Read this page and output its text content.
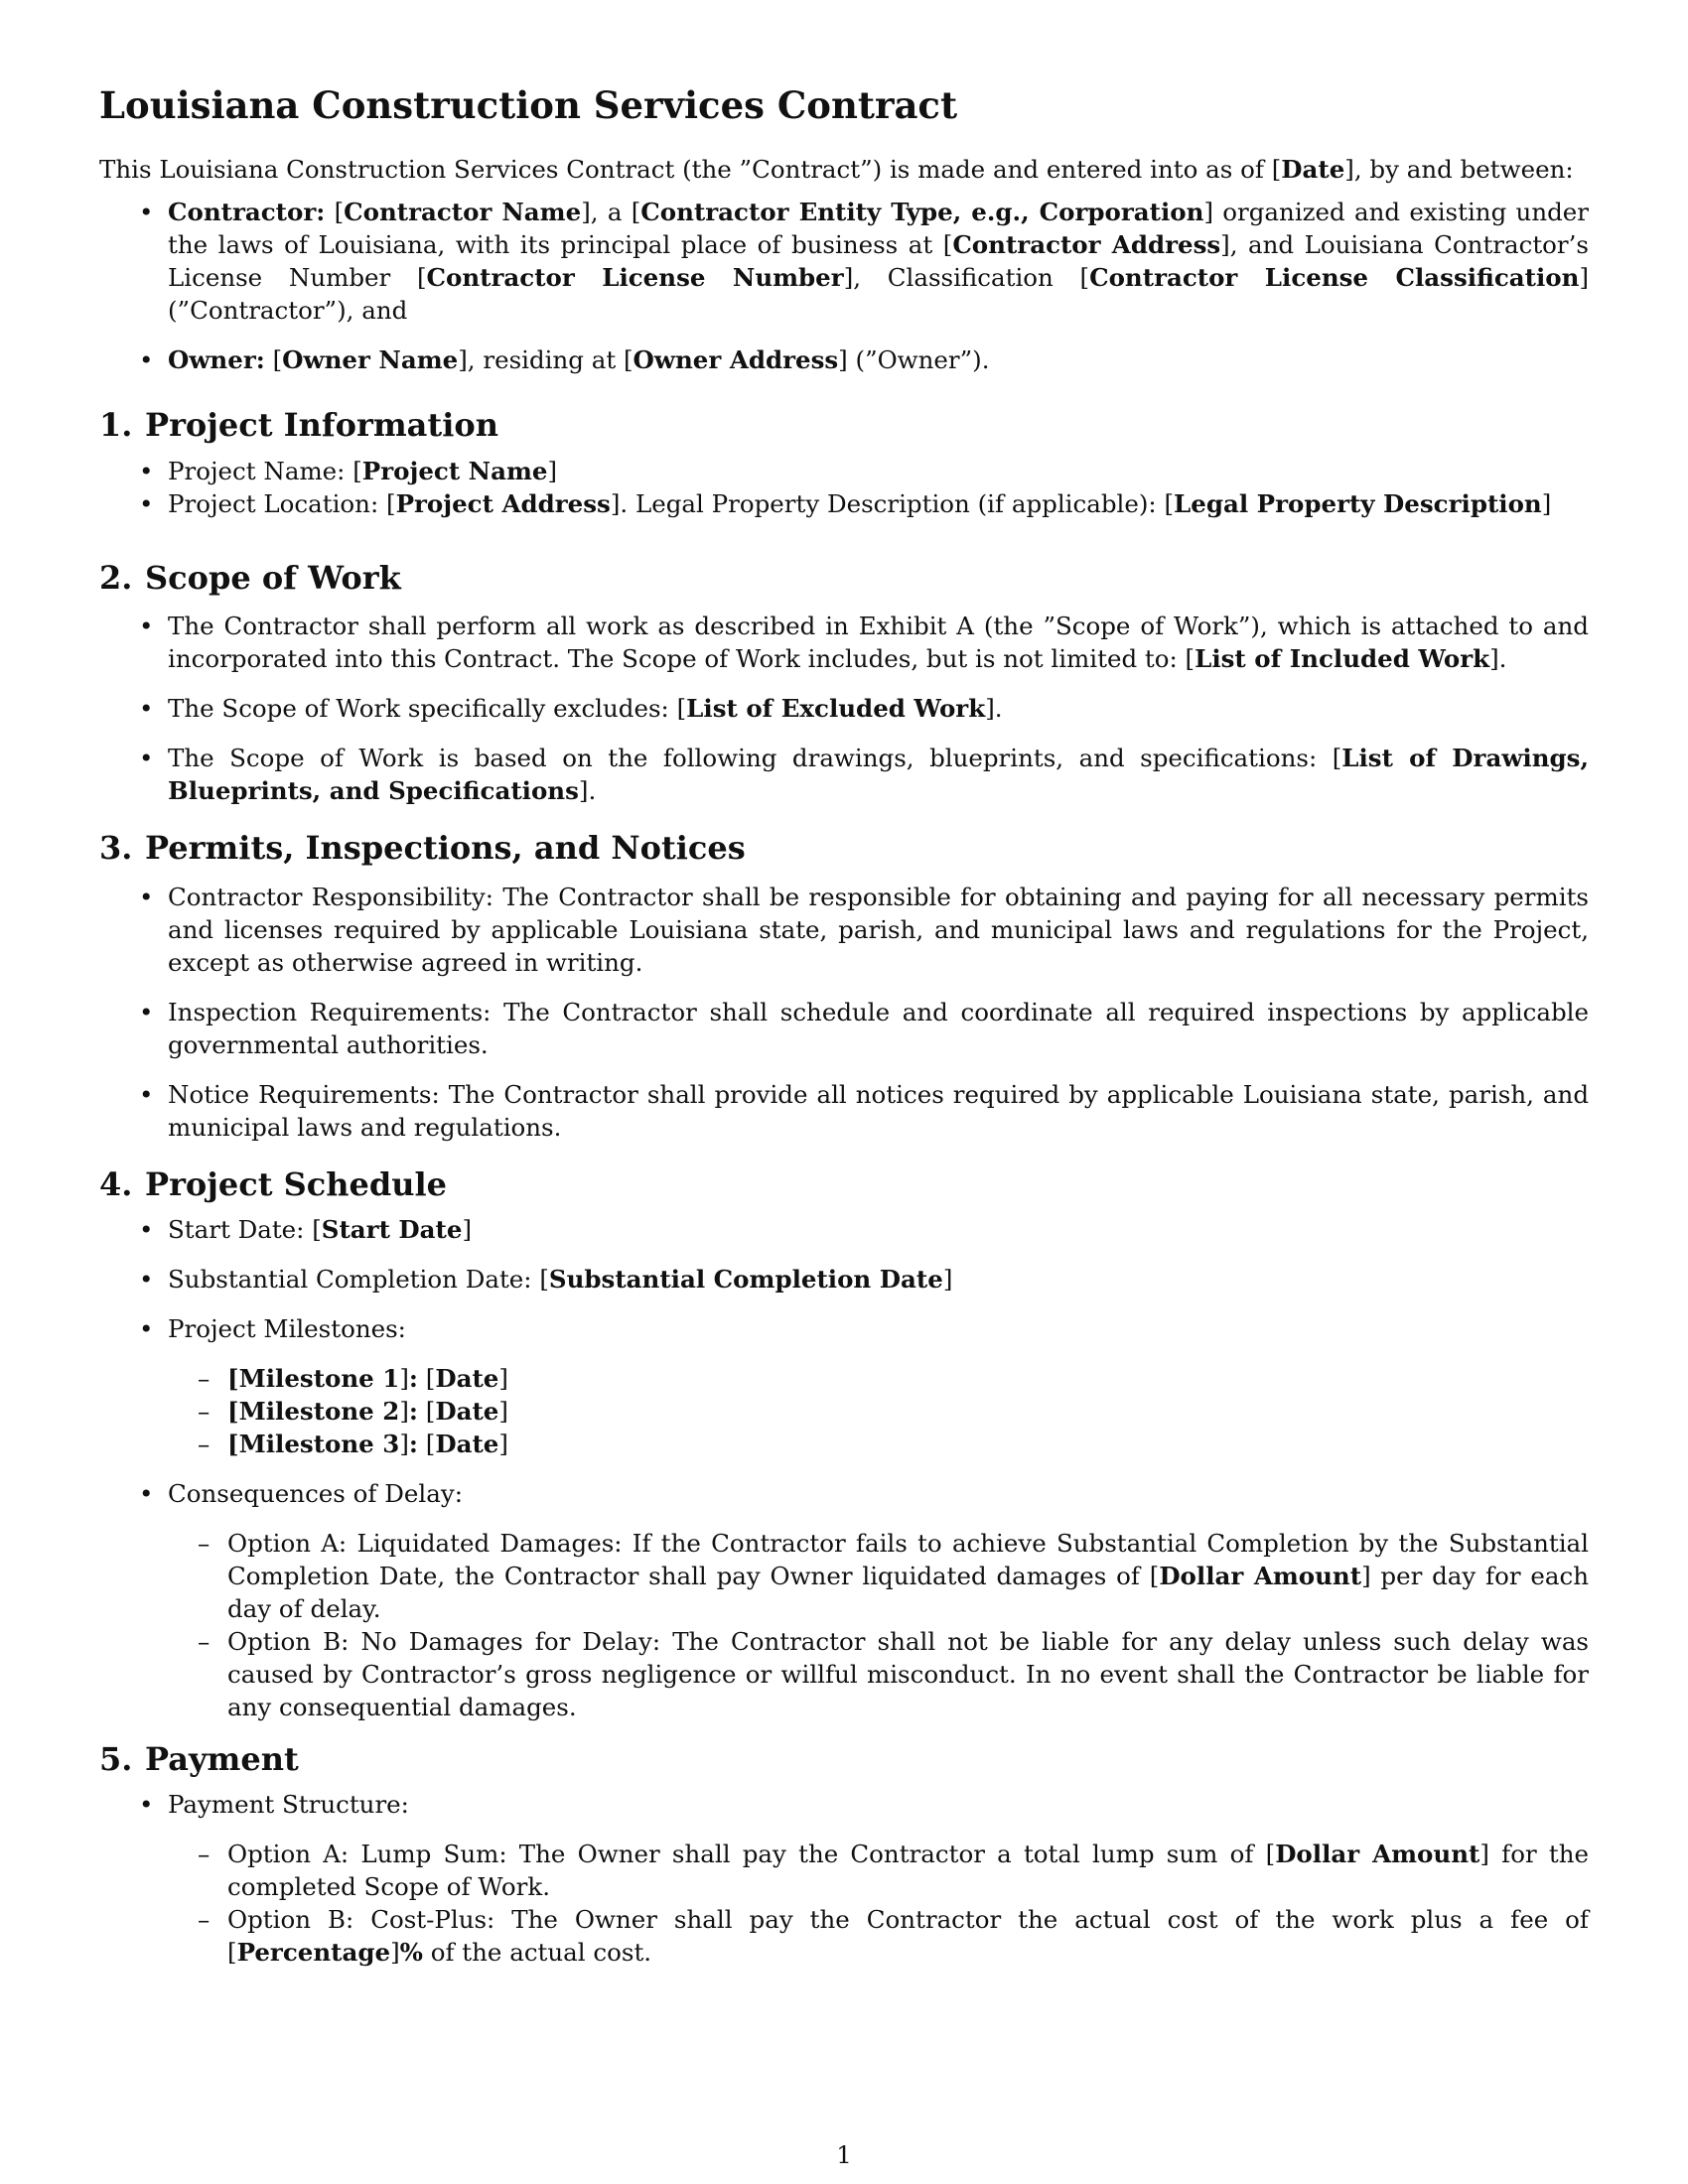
Louisiana Construction Services Contract

This Louisiana Construction Services Contract (the ”Contract”) is made and entered into as of [Date], by and between:

• Contractor: [Contractor Name], a [Contractor Entity Type, e.g., Corporation] organized and existing under the laws of Louisiana, with its principal place of business at [Contractor Address], and Louisiana Contractor’s License Number [Contractor License Number], Classification [Contractor License Classification] (”Contractor”), and
• Owner: [Owner Name], residing at [Owner Address] (”Owner”).
1. Project Information
• Project Name: [Project Name]
• Project Location: [Project Address]. Legal Property Description (if applicable): [Legal Property Description]
2. Scope of Work
• The Contractor shall perform all work as described in Exhibit A (the ”Scope of Work”), which is attached to and incorporated into this Contract. The Scope of Work includes, but is not limited to: [List of Included Work].
• The Scope of Work specifically excludes: [List of Excluded Work].
• The Scope of Work is based on the following drawings, blueprints, and specifications: [List of Drawings, Blueprints, and Specifications].
3. Permits, Inspections, and Notices
• Contractor Responsibility: The Contractor shall be responsible for obtaining and paying for all necessary permits and licenses required by applicable Louisiana state, parish, and municipal laws and regulations for the Project, except as otherwise agreed in writing.
• Inspection Requirements: The Contractor shall schedule and coordinate all required inspections by applicable governmental authorities.
• Notice Requirements: The Contractor shall provide all notices required by applicable Louisiana state, parish, and municipal laws and regulations.
4. Project Schedule
• Start Date: [Start Date]
• Substantial Completion Date: [Substantial Completion Date]
• Project Milestones:
– [Milestone 1]: [Date]
– [Milestone 2]: [Date]
– [Milestone 3]: [Date]
• Consequences of Delay:
– Option A: Liquidated Damages: If the Contractor fails to achieve Substantial Completion by the Substantial Completion Date, the Contractor shall pay Owner liquidated damages of [Dollar Amount] per day for each day of delay.
– Option B: No Damages for Delay: The Contractor shall not be liable for any delay unless such delay was caused by Contractor’s gross negligence or willful misconduct. In no event shall the Contractor be liable for any consequential damages.
5. Payment
• Payment Structure:
– Option A: Lump Sum: The Owner shall pay the Contractor a total lump sum of [Dollar Amount] for the completed Scope of Work.
– Option B: Cost-Plus: The Owner shall pay the Contractor the actual cost of the work plus a fee of [Percentage]% of the actual cost.
1
